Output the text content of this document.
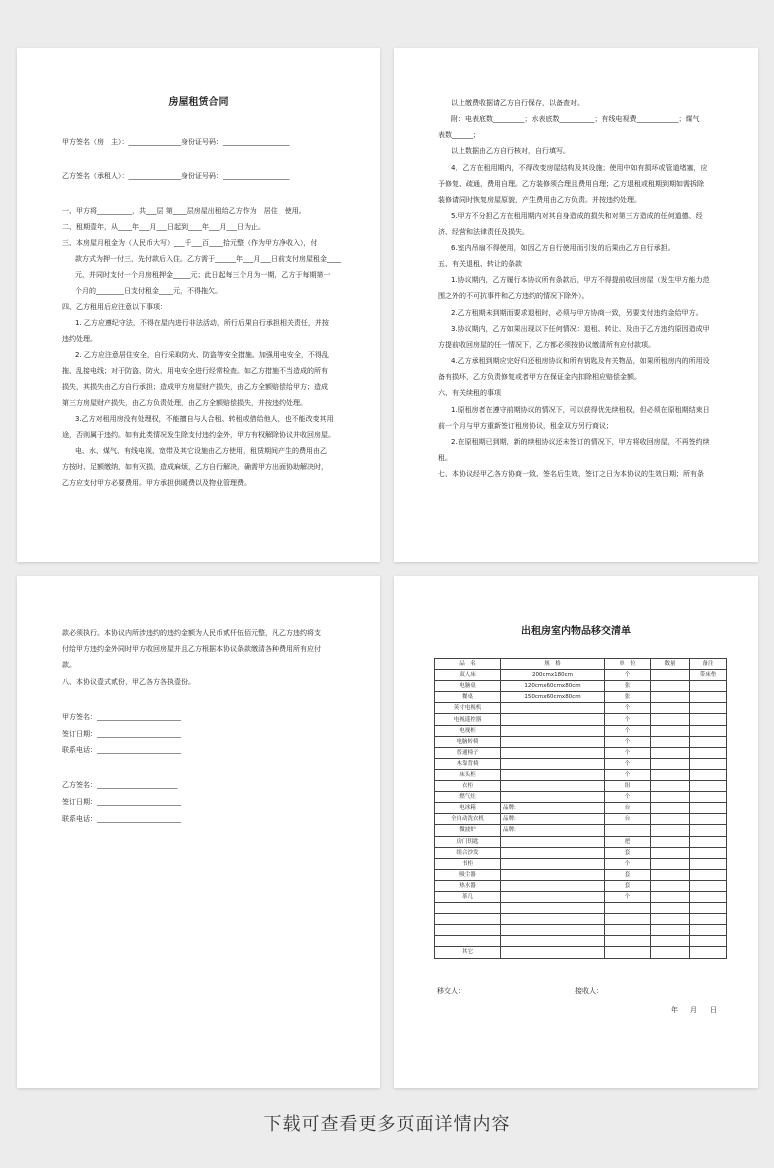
房屋租赁合同
甲方签名（房　主）：_______________身份证号码：___________________
乙方签名（承租人）：_______________身份证号码：___________________
一、甲方将__________，共___层 第____层房屋出租给乙方作为　居住　使用。
二、租期壹年，从____年___月___日起到____年___月___日为止。
三、本房屋月租金为（人民币大写）___千___百____拾元整（作为甲方净收入），付
款方式为押一付三，先付款后入住。乙方需于______年___月___日前支付房屋租金____
元，并同时支付一个月房租押金_____元；此日起每三个月为一期，乙方于每期第一
个月的________日支付租金____元，不得拖欠。
四、乙方租用后应注意以下事项：
1. 乙方应遵纪守法，不得在屋内进行非法活动，所行后果自行承担相关责任，并按
违约处理。
2. 乙方应注意居住安全，自行采取防火、防盗等安全措施。加强用电安全，不得乱
拖、乱接电线；对于防盗、防火、用电安全进行经常检查。如乙方措施不当造成的所有
损失，其损失由乙方自行承担；造成甲方房屋财产损失，由乙方全额赔偿给甲方；造成
第三方房屋财产损失，由乙方负责处理，由乙方全额赔偿损失，并按违约处理。
3.乙方对租用房没有处理权，不能擅自与人合租、转租或借给他人，也不能改变其用
途，否则属于违约。如有此类情况发生除支付违约金外，甲方有权解除协议并收回房屋。
电、水、煤气、有线电视、宽带及其它设施由乙方使用，租赁期间产生的费用由乙
方按时、足额缴纳，如有灭损，造成麻烦，乙方自行解决，确需甲方出面协助解决时，
乙方应支付甲方必要费用。甲方承担供暖费以及物业管理费。
以上缴费收据请乙方自行保存，以备查对。
附：电表底数_________；水表底数__________；有线电视费____________；煤气
表数______；
以上数据由乙方自行核对，自行填写。
4．乙方在租用期内，不得改变房屋结构及其设施；使用中如有损坏或管道堵塞，应
予修复、疏通，费用自理。乙方装修须合理且费用自理；乙方退租或租期到期如需拆除
装修请同时恢复房屋原貌，产生费用由乙方负责。并按违约处理。
5.甲方不分担乙方在租用期内对其自身造成的损失和对第三方造成的任何道德、经
济、经营和法律责任及损失。
6.室内吊扇不得使用，如因乙方自行使用而引发的后果由乙方自行承担。
五、有关退租、转让的条款
1.协议期内，乙方履行本协议所有条款后，甲方不得提前收回房屋（发生甲方能力范
围之外的不可抗事件和乙方违约的情况下除外）。
2.乙方租期未到期而要求退租时，必须与甲方协商一致，另要支付违约金给甲方。
3.协议期内，乙方如果出现以下任何情况：退租、转让、及由于乙方违约原因造成甲
方提前收回房屋的任一情况下，乙方都必须按协议缴清所有应付款项。
4.乙方承租到期应完好归还租房协议和所有钥匙及有关物品，如果所租房内的所用设
备有损坏，乙方负责修复或者甲方在保证金内扣除相应赔偿金额。
六、有关续租的事项
1.原租房者在遵守前期协议的情况下，可以获得优先续租权，但必须在原租期结束日
前一个月与甲方重新签订租房协议，租金双方另行商议；
2.在原租期已到期，新的续租协议还未签订的情况下，甲方将收回房屋，不再签约续
租。
七、本协议经甲乙各方协商一致、签名后生效，签订之日为本协议的生效日期；所有条
款必须执行。本协议内所涉违约的违约金额为人民币贰仟伍佰元整，凡乙方违约将支
付给甲方违约金外同时甲方收回房屋并且乙方根据本协议条款缴清各种费用所有应付
款。
八、本协议壹式贰份，甲乙各方各执壹份。
甲方签名：________________________
签订日期：________________________
联系电话：________________________
乙方签名：_______________________
签订日期：________________________
联系电话：________________________
出租房室内物品移交清单
品　名	规　格	单　位	数量	备注
双人床	200cmx180cm	个		带床垫
电脑桌	120cmx60cmx80cm	张		
餐桌	150cmx60cmx80cm	张		
英寸电视机		个		
电视遥控器		个		
电视柜		个		
电脑转椅		个		
普通椅子		个		
木靠背椅		个		
床头柜		个		
衣柜		组		
燃气灶		个		
电冰箱	品牌:	台		
全自动洗衣机	品牌:	台		
微波炉	品牌:			
房门钥匙		把		
组合沙发		套		
书柜		个		
吸尘器		套		
热水器		套		
茶几		个		

其它				
移交人：	接收人：
年 月 日
下载可查看更多页面详情内容
